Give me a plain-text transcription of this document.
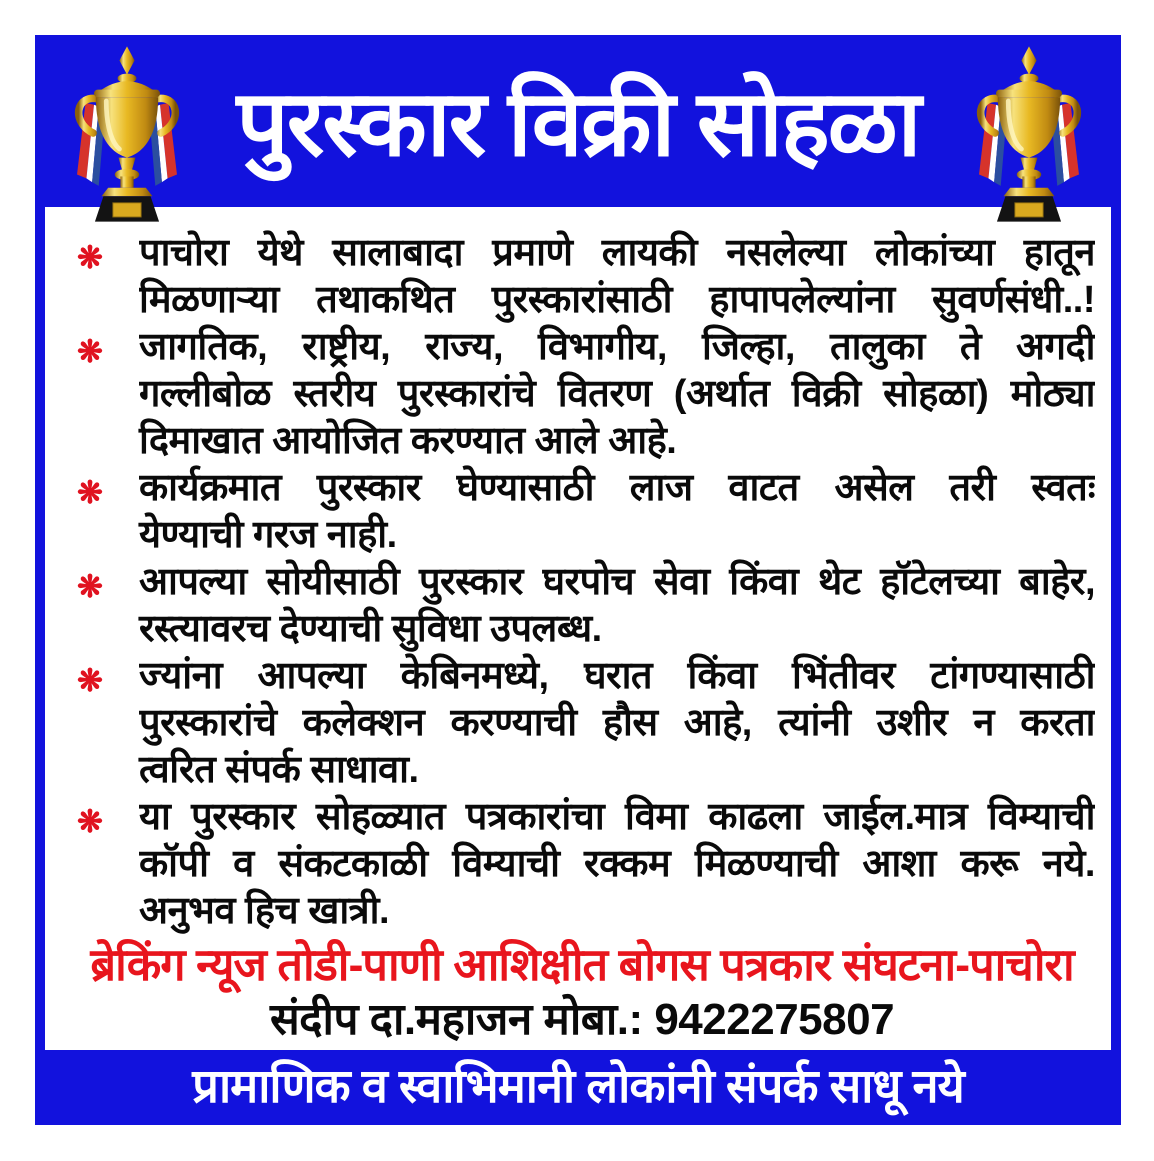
पुरस्कार विक्री सोहळा
❋ पाचोरा येथे सालाबादा प्रमाणे लायकी नसलेल्या लोकांच्या हातून
मिळणाऱ्या तथाकथित पुरस्कारांसाठी हापापलेल्यांना सुवर्णसंधी..!
❋ जागतिक, राष्ट्रीय, राज्य, विभागीय, जिल्हा, तालुका ते अगदी
गल्लीबोळ स्तरीय पुरस्कारांचे वितरण (अर्थात विक्री सोहळा) मोठ्या
दिमाखात आयोजित करण्यात आले आहे.
❋ कार्यक्रमात पुरस्कार घेण्यासाठी लाज वाटत असेल तरी स्वतः
येण्याची गरज नाही.
❋ आपल्या सोयीसाठी पुरस्कार घरपोच सेवा किंवा थेट हॉटेलच्या बाहेर,
रस्त्यावरच देण्याची सुविधा उपलब्ध.
❋ ज्यांना आपल्या केबिनमध्ये, घरात किंवा भिंतीवर टांगण्यासाठी
पुरस्कारांचे कलेक्शन करण्याची हौस आहे, त्यांनी उशीर न करता
त्वरित संपर्क साधावा.
❋ या पुरस्कार सोहळ्यात पत्रकारांचा विमा काढला जाईल.मात्र विम्याची
कॉपी व संकटकाळी विम्याची रक्कम मिळण्याची आशा करू नये.
अनुभव हिच खात्री.
ब्रेकिंग न्यूज तोडी-पाणी आशिक्षीत बोगस पत्रकार संघटना-पाचोरा
संदीप दा.महाजन मोबा.: 9422275807
प्रामाणिक व स्वाभिमानी लोकांनी संपर्क साधू नये
